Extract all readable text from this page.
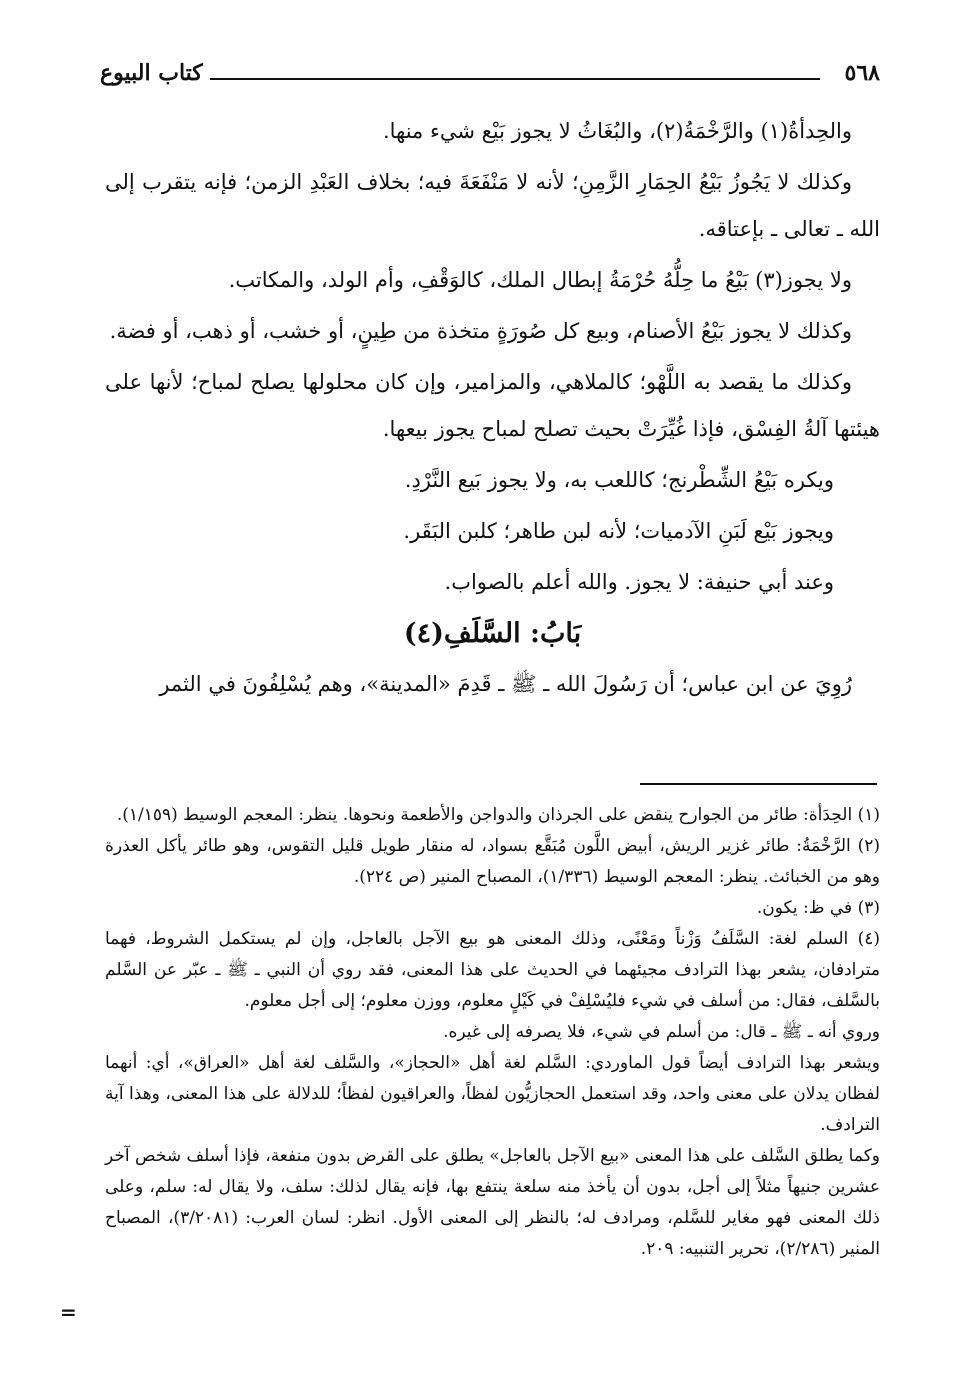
٥٦٨
كتاب البيوع

والحِدأةُ(١) والرَّخْمَةُ(٢)، والبُغَاثُ لا يجوز بَيْع شيء منها.

وكذلك لا يَجُوزُ بَيْعُ الحِمَارِ الزَّمِنِ؛ لأنه لا مَنْفَعَةَ فيه؛ بخلاف العَبْدِ الزمن؛ فإنه يتقرب إلى الله ـ تعالى ـ بإعتاقه.

ولا يجوز(٣) بَيْعُ ما حِلُّهُ حُرْمَةُ إبطال الملك، كالوَقْفِ، وأم الولد، والمكاتب.

وكذلك لا يجوز بَيْعُ الأصنام، وبيع كل صُورَةٍ متخذة من طِينٍ، أو خشب، أو ذهب، أو فضة.

وكذلك ما يقصد به اللَّهْو؛ كالملاهي، والمزامير، وإن كان محلولها يصلح لمباح؛ لأنها على هيئتها آلةُ الفِسْق، فإذا غُيِّرَتْ بحيث تصلح لمباح يجوز بيعها.

ويكره بَيْعُ الشِّطْرنج؛ كاللعب به، ولا يجوز بَيع النَّرْدِ.

ويجوز بَيْع لَبَنِ الآدميات؛ لأنه لبن طاهر؛ كلبن البَقَر.

وعند أبي حنيفة: لا يجوز. والله أعلم بالصواب.

بَابُ: السَّلَفِ(٤)

رُوِيَ عن ابن عباس؛ أن رَسُولَ الله ـ ﷺ ـ قَدِمَ «المدينة»، وهم يُسْلِفُونَ في الثمر

(١) الحِدَأة: طائر من الجوارح ينقض على الجرذان والدواجن والأطعمة ونحوها. ينظر: المعجم الوسيط (١/١٥٩).

(٢) الرَّخْمَةُ: طائر غزير الريش، أبيض اللَّون مُبَقَّع بسواد، له منقار طويل قليل التقوس، وهو طائر يأكل العذرة وهو من الخبائث. ينظر: المعجم الوسيط (١/٣٣٦)، المصباح المنير (ص ٢٢٤).

(٣) في ظ: يكون.

(٤) السلم لغة: السَّلَفُ وَزْناً ومَعْنًى، وذلك المعنى هو بيع الآجل بالعاجل، وإن لم يستكمل الشروط، فهما مترادفان، يشعر بهذا الترادف مجيئهما في الحديث على هذا المعنى، فقد روي أن النبي ـ ﷺ ـ عبّر عن السَّلم بالسَّلف، فقال: من أسلف في شيء فليُسْلِفْ في كَيْلٍ معلوم، ووزن معلوم؛ إلى أجل معلوم.

وروي أنه ـ ﷺ ـ قال: من أسلم في شيء، فلا يصرفه إلى غيره.

ويشعر بهذا الترادف أيضاً قول الماوردي: السَّلم لغة أهل «الحجاز»، والسَّلف لغة أهل «العراق»، أي: أنهما لفظان يدلان على معنى واحد، وقد استعمل الحجازيُّون لفظاً، والعراقيون لفظاً؛ للدلالة على هذا المعنى، وهذا آية الترادف.

وكما يطلق السَّلف على هذا المعنى «بيع الآجل بالعاجل» يطلق على القرض بدون منفعة، فإذا أسلف شخص آخر عشرين جنيهاً مثلاً إلى أجل، بدون أن يأخذ منه سلعة ينتفع بها، فإنه يقال لذلك: سلف، ولا يقال له: سلم، وعلى ذلك المعنى فهو مغاير للسَّلم، ومرادف له؛ بالنظر إلى المعنى الأول. انظر: لسان العرب: (٣/٢٠٨١)، المصباح المنير (٢/٢٨٦)، تحرير التنبيه: ٢٠٩.

=
